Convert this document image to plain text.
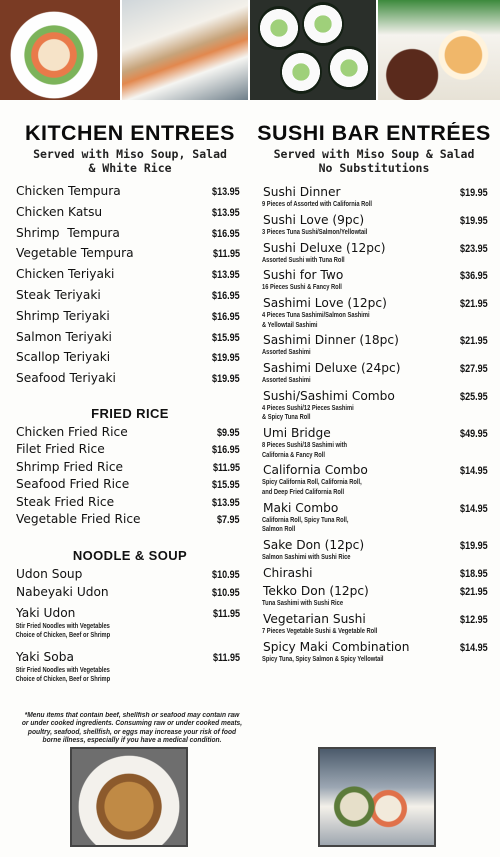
KITCHEN ENTREES
Served with Miso Soup, Salad
& White Rice
Chicken Tempura	$13.95
Chicken Katsu	$13.95
Shrimp  Tempura	$16.95
Vegetable Tempura	$11.95
Chicken Teriyaki	$13.95
Steak Teriyaki	$16.95
Shrimp Teriyaki	$16.95
Salmon Teriyaki	$15.95
Scallop Teriyaki	$19.95
Seafood Teriyaki	$19.95
FRIED RICE
Chicken Fried Rice	$9.95
Filet Fried Rice	$16.95
Shrimp Fried Rice	$11.95
Seafood Fried Rice	$15.95
Steak Fried Rice	$13.95
Vegetable Fried Rice	$7.95
NOODLE & SOUP
Udon Soup	$10.95
Nabeyaki Udon	$10.95
Yaki Udon	$11.95
Stir Fried Noodles with Vegetables
Choice of Chicken, Beef or Shrimp
Yaki Soba	$11.95
Stir Fried Noodles with Vegetables
Choice of Chicken, Beef or Shrimp
*Menu items that contain beef, shellfish or seafood may contain raw or under cooked ingredients. Consuming raw or under cooked meats, poultry, seafood, shellfish, or eggs may increase your risk of food borne illness, especially if you have a medical condition.
SUSHI BAR ENTRÉES
Served with Miso Soup & Salad
No Substitutions
Sushi Dinner	$19.95
9 Pieces of Assorted with California Roll
Sushi Love (9pc)	$19.95
3 Pieces Tuna Sushi/Salmon/Yellowtail
Sushi Deluxe (12pc)	$23.95
Assorted Sushi with Tuna Roll
Sushi for Two	$36.95
16 Pieces Sushi & Fancy Roll
Sashimi Love (12pc)	$21.95
4 Pieces Tuna Sashimi/Salmon Sashimi
& Yellowtail Sashimi
Sashimi Dinner (18pc)	$21.95
Assorted Sashimi
Sashimi Deluxe (24pc)	$27.95
Assorted Sashimi
Sushi/Sashimi Combo	$25.95
4 Pieces Sushi/12 Pieces Sashimi
& Spicy Tuna Roll
Umi Bridge	$49.95
8 Pieces Sushi/18 Sashimi with
California & Fancy Roll
California Combo	$14.95
Spicy California Roll, California Roll,
and Deep Fried California Roll
Maki Combo	$14.95
California Roll, Spicy Tuna Roll,
Salmon Roll
Sake Don (12pc)	$19.95
Salmon Sashimi with Sushi Rice
Chirashi	$18.95
Tekko Don (12pc)	$21.95
Tuna Sashimi with Sushi Rice
Vegetarian Sushi	$12.95
7 Pieces Vegetable Sushi & Vegetable Roll
Spicy Maki Combination	$14.95
Spicy Tuna, Spicy Salmon & Spicy Yellowtail
